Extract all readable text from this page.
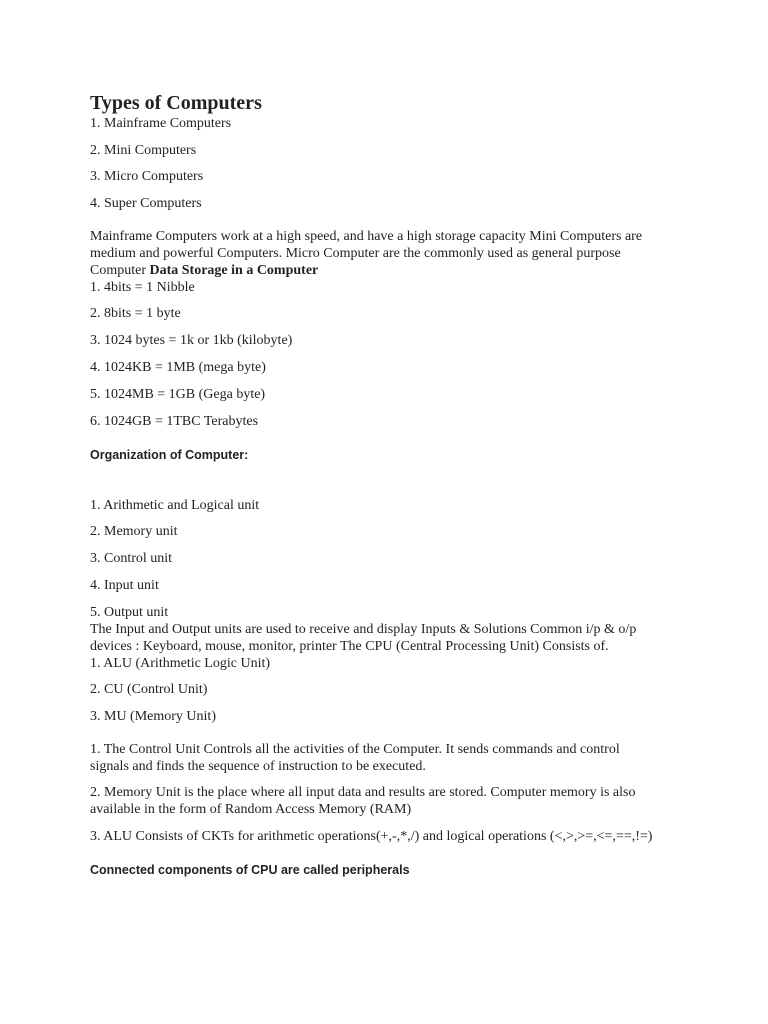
Types of Computers
1. Mainframe Computers
2. Mini Computers
3. Micro Computers
4. Super Computers
Mainframe Computers work at a high speed, and have a high storage capacity Mini Computers are
medium and powerful Computers. Micro Computer are the commonly used as general purpose
Computer Data Storage in a Computer
1. 4bits = 1 Nibble
2. 8bits = 1 byte
3. 1024 bytes = 1k or 1kb (kilobyte)
4. 1024KB = 1MB (mega byte)
5. 1024MB = 1GB (Gega byte)
6. 1024GB = 1TBC Terabytes
Organization of Computer:
1. Arithmetic and Logical unit
2. Memory unit
3. Control unit
4. Input unit
5. Output unit
The Input and Output units are used to receive and display Inputs & Solutions Common i/p & o/p
devices : Keyboard, mouse, monitor, printer The CPU (Central Processing Unit) Consists of.
1. ALU (Arithmetic Logic Unit)
2. CU (Control Unit)
3. MU (Memory Unit)
1. The Control Unit Controls all the activities of the Computer. It sends commands and control
signals and finds the sequence of instruction to be executed.
2. Memory Unit is the place where all input data and results are stored. Computer memory is also
available in the form of Random Access Memory (RAM)
3. ALU Consists of CKTs for arithmetic operations(+,-,*,/) and logical operations (<,>,>=,<=,==,!=)
Connected components of CPU are called peripherals
